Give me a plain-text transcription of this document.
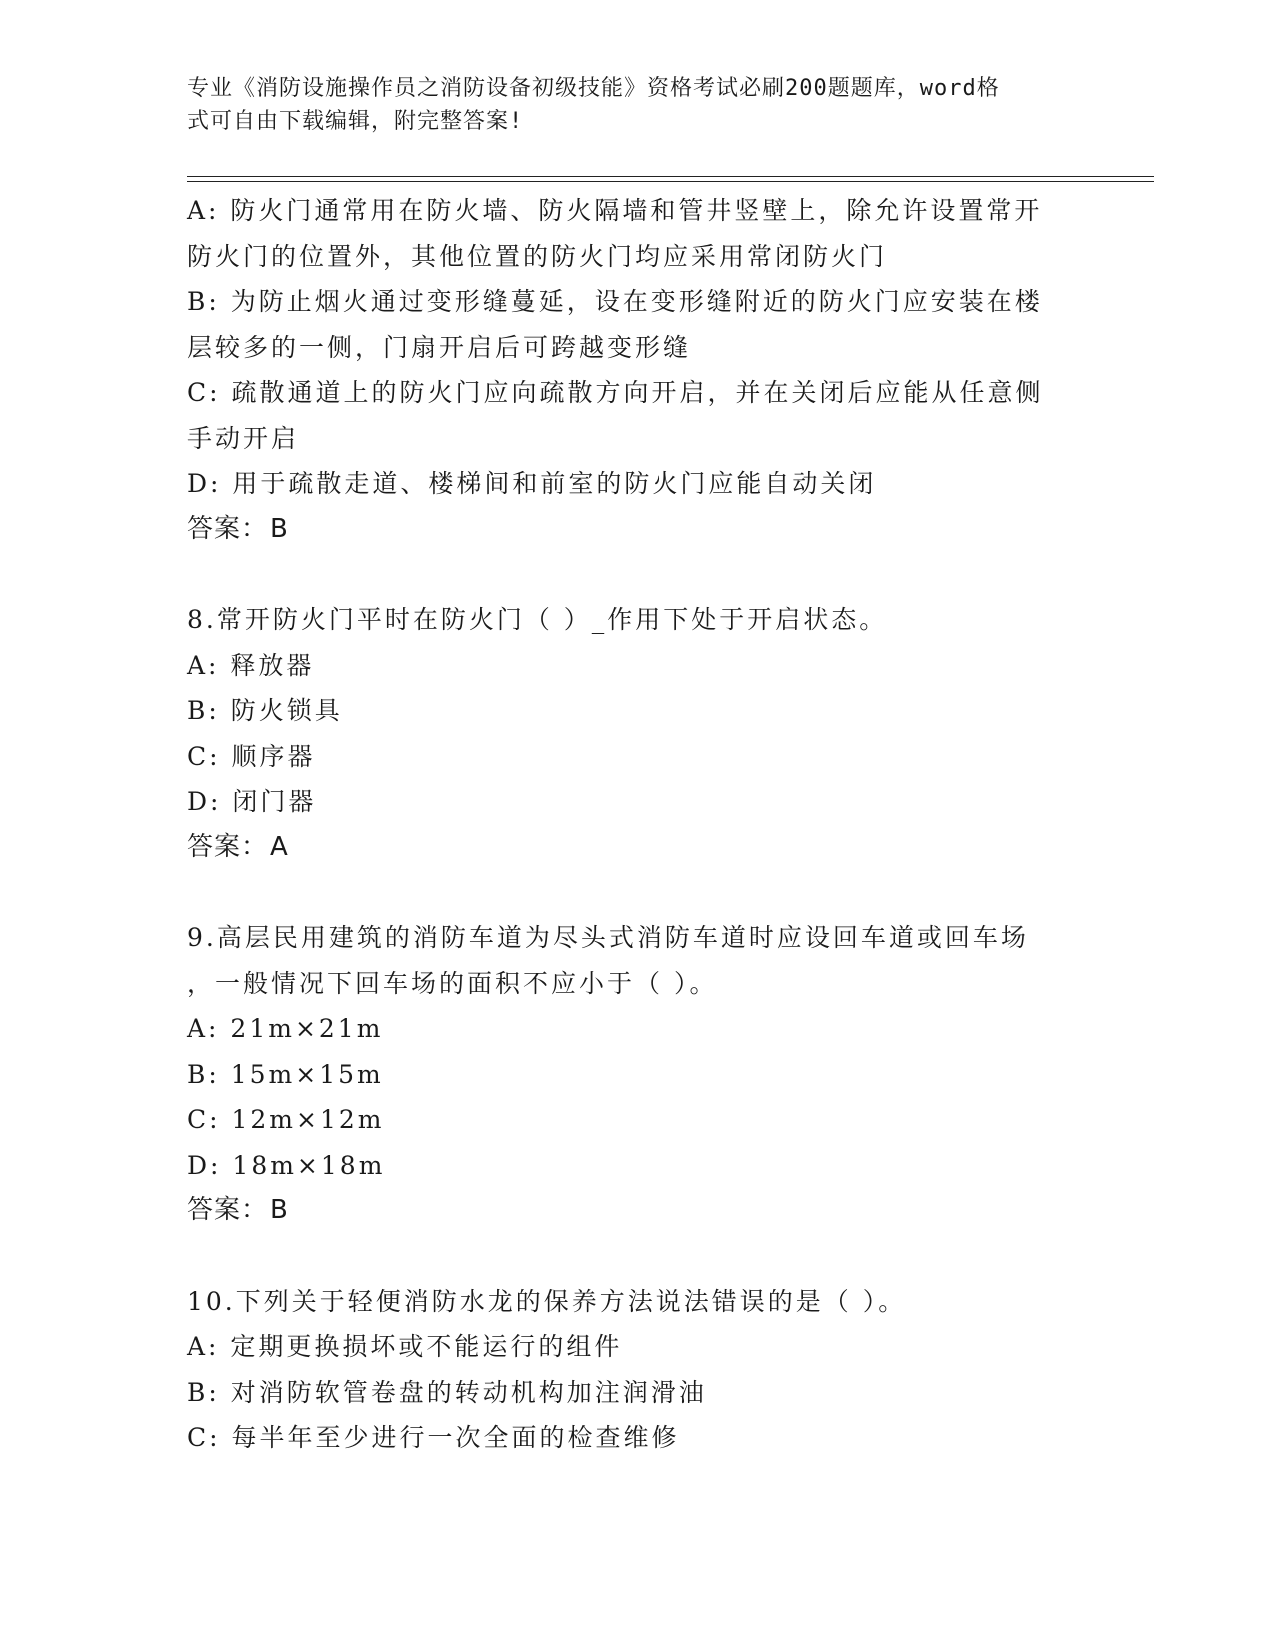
专业《消防设施操作员之消防设备初级技能》资格考试必刷200题题库，word格
式可自由下载编辑，附完整答案!
A: 防火门通常用在防火墙、防火隔墙和管井竖壁上，除允许设置常开
防火门的位置外，其他位置的防火门均应采用常闭防火门
B: 为防止烟火通过变形缝蔓延，设在变形缝附近的防火门应安装在楼
层较多的一侧，门扇开启后可跨越变形缝
C: 疏散通道上的防火门应向疏散方向开启，并在关闭后应能从任意侧
手动开启
D: 用于疏散走道、楼梯间和前室的防火门应能自动关闭
答案：B
8.常开防火门平时在防火门（ ）_作用下处于开启状态。
A: 释放器
B: 防火锁具
C: 顺序器
D: 闭门器
答案：A
9.高层民用建筑的消防车道为尽头式消防车道时应设回车道或回车场
，一般情况下回车场的面积不应小于（ ）。
A: 21m×21m
B: 15m×15m
C: 12m×12m
D: 18m×18m
答案：B
10.下列关于轻便消防水龙的保养方法说法错误的是（ ）。
A: 定期更换损坏或不能运行的组件
B: 对消防软管卷盘的转动机构加注润滑油
C: 每半年至少进行一次全面的检查维修
